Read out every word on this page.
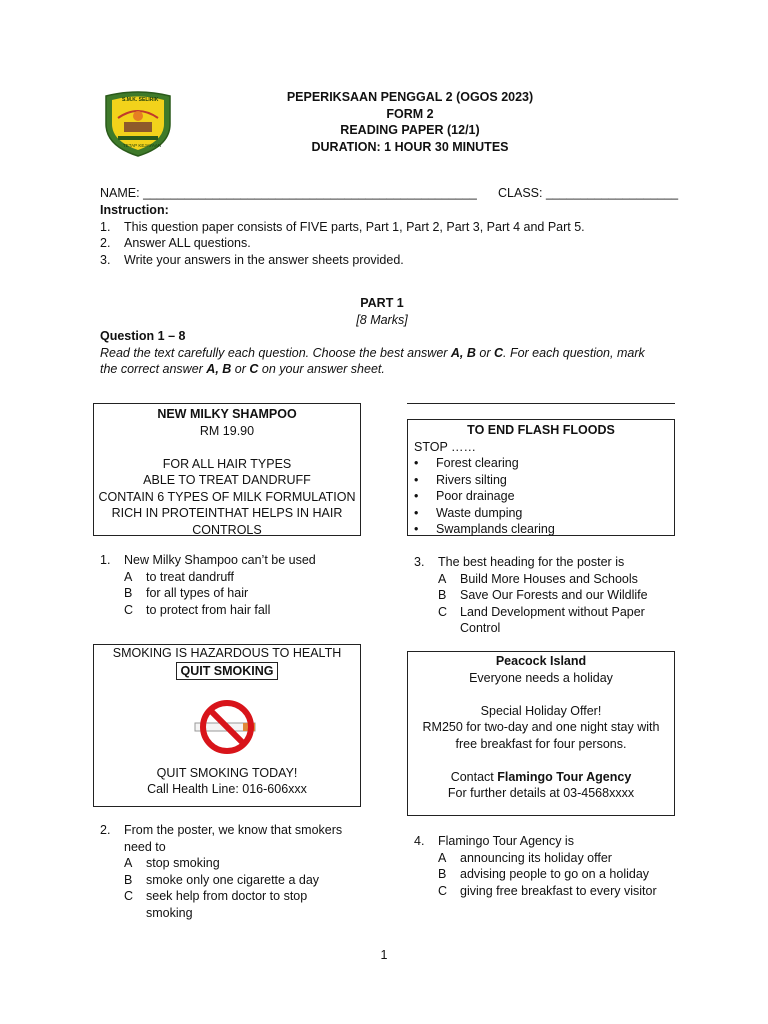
S.M.K. SELIRIK
TETAP KEJAYAAN
PEPERIKSAAN PENGGAL 2 (OGOS 2023)
FORM 2
READING PAPER (12/1)
DURATION: 1 HOUR 30 MINUTES
NAME: ________________________________________________ CLASS: ___________________
Instruction:
1. This question paper consists of FIVE parts, Part 1, Part 2, Part 3, Part 4 and Part 5.
2. Answer ALL questions.
3. Write your answers in the answer sheets provided.
PART 1
[8 Marks]
Question 1 – 8
Read the text carefully each question. Choose the best answer A, B or C. For each question, mark
the correct answer A, B or C on your answer sheet.
NEW MILKY SHAMPOO
RM 19.90
FOR ALL HAIR TYPES
ABLE TO TREAT DANDRUFF
CONTAIN 6 TYPES OF MILK FORMULATION
RICH IN PROTEINTHAT HELPS IN HAIR
CONTROLS
1. New Milky Shampoo can’t be used
A to treat dandruff
B for all types of hair
C to protect from hair fall
TO END FLASH FLOODS
STOP ……
• Forest clearing
• Rivers silting
• Poor drainage
• Waste dumping
• Swamplands clearing
3. The best heading for the poster is
A Build More Houses and Schools
B Save Our Forests and our Wildlife
C Land Development without Paper
Control
SMOKING IS HAZARDOUS TO HEALTH
QUIT SMOKING
QUIT SMOKING TODAY!
Call Health Line: 016-606xxx
2. From the poster, we know that smokers
need to
A stop smoking
B smoke only one cigarette a day
C seek help from doctor to stop
smoking
Peacock Island
Everyone needs a holiday
Special Holiday Offer!
RM250 for two-day and one night stay with
free breakfast for four persons.
Contact Flamingo Tour Agency
For further details at 03-4568xxxx
4. Flamingo Tour Agency is
A announcing its holiday offer
B advising people to go on a holiday
C giving free breakfast to every visitor
1
